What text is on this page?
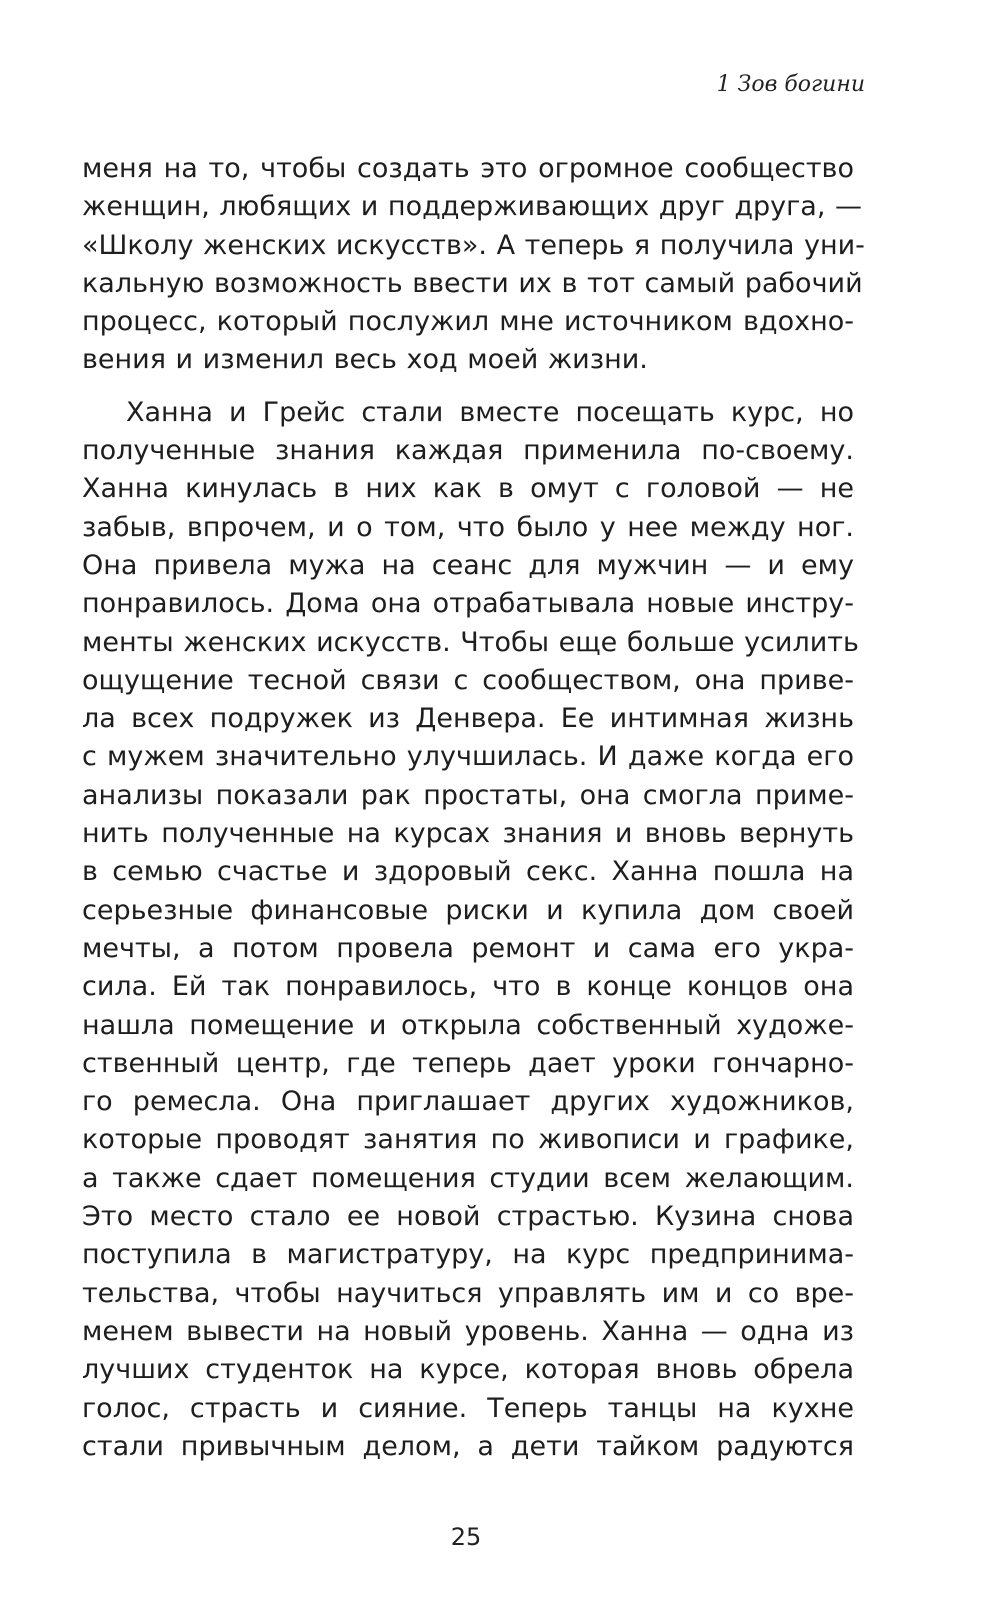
1 Зов богини

меня на то, чтобы создать это огромное сообщество
женщин, любящих и поддерживающих друг друга, —
«Школу женских искусств». А теперь я получила уни-
кальную возможность ввести их в тот самый рабочий
процесс, который послужил мне источником вдохно-
вения и изменил весь ход моей жизни.
Ханна и Грейс стали вместе посещать курс, но
полученные знания каждая применила по-своему.
Ханна кинулась в них как в омут с головой — не
забыв, впрочем, и о том, что было у нее между ног.
Она привела мужа на сеанс для мужчин — и ему
понравилось. Дома она отрабатывала новые инстру-
менты женских искусств. Чтобы еще больше усилить
ощущение тесной связи с сообществом, она приве-
ла всех подружек из Денвера. Ее интимная жизнь
с мужем значительно улучшилась. И даже когда его
анализы показали рак простаты, она смогла приме-
нить полученные на курсах знания и вновь вернуть
в семью счастье и здоровый секс. Ханна пошла на
серьезные финансовые риски и купила дом своей
мечты, а потом провела ремонт и сама его укра-
сила. Ей так понравилось, что в конце концов она
нашла помещение и открыла собственный художе-
ственный центр, где теперь дает уроки гончарно-
го ремесла. Она приглашает других художников,
которые проводят занятия по живописи и графике,
а также сдает помещения студии всем желающим.
Это место стало ее новой страстью. Кузина снова
поступила в магистратуру, на курс предпринима-
тельства, чтобы научиться управлять им и со вре-
менем вывести на новый уровень. Ханна — одна из
лучших студенток на курсе, которая вновь обрела
голос, страсть и сияние. Теперь танцы на кухне
стали привычным делом, а дети тайком радуются

25
